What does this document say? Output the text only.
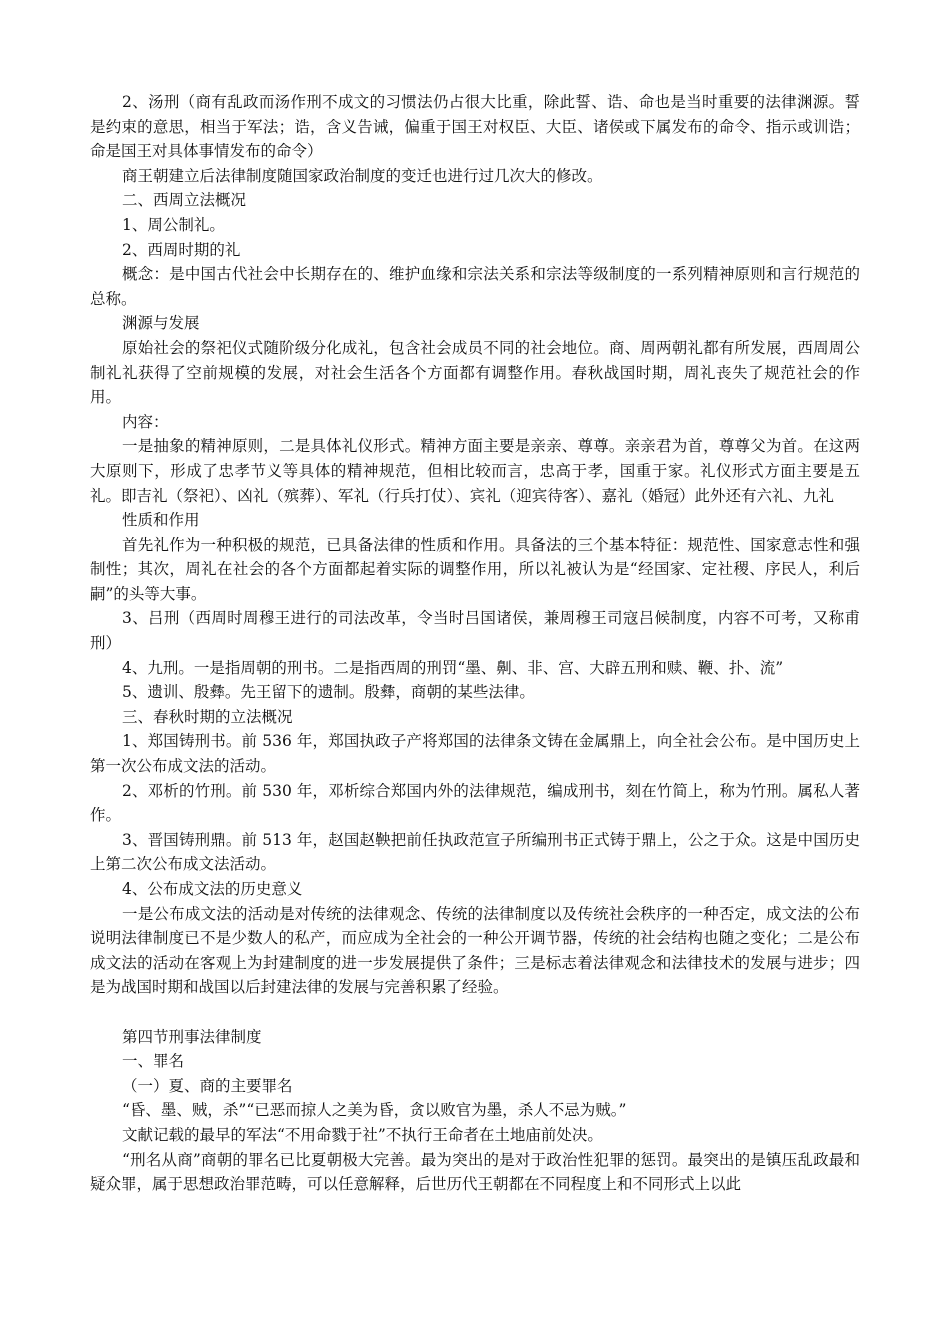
2、汤刑（商有乱政而汤作刑不成文的习惯法仍占很大比重，除此誓、诰、命也是当时重要的法律渊源。誓是约束的意思，相当于军法；诰，含义告诫，偏重于国王对权臣、大臣、诸侯或下属发布的命令、指示或训诰；命是国王对具体事情发布的命令）

商王朝建立后法律制度随国家政治制度的变迁也进行过几次大的修改。

二、西周立法概况

1、周公制礼。

2、西周时期的礼

概念：是中国古代社会中长期存在的、维护血缘和宗法关系和宗法等级制度的一系列精神原则和言行规范的总称。

渊源与发展

原始社会的祭祀仪式随阶级分化成礼，包含社会成员不同的社会地位。商、周两朝礼都有所发展，西周周公制礼礼获得了空前规模的发展，对社会生活各个方面都有调整作用。春秋战国时期，周礼丧失了规范社会的作用。

内容：

一是抽象的精神原则，二是具体礼仪形式。精神方面主要是亲亲、尊尊。亲亲君为首，尊尊父为首。在这两大原则下，形成了忠孝节义等具体的精神规范，但相比较而言，忠高于孝，国重于家。礼仪形式方面主要是五礼。即吉礼（祭祀）、凶礼（殡葬）、军礼（行兵打仗）、宾礼（迎宾待客）、嘉礼（婚冠）此外还有六礼、九礼

性质和作用

首先礼作为一种积极的规范，已具备法律的性质和作用。具备法的三个基本特征：规范性、国家意志性和强制性；其次，周礼在社会的各个方面都起着实际的调整作用，所以礼被认为是“经国家、定社稷、序民人，利后嗣”的头等大事。

3、吕刑（西周时周穆王进行的司法改革，令当时吕国诸侯，兼周穆王司寇吕候制度，内容不可考，又称甫刑）

4、九刑。一是指周朝的刑书。二是指西周的刑罚“墨、劓、非、宫、大辟五刑和赎、鞭、扑、流”

5、遗训、殷彝。先王留下的遗制。殷彝，商朝的某些法律。

三、春秋时期的立法概况

1、郑国铸刑书。前 536 年，郑国执政子产将郑国的法律条文铸在金属鼎上，向全社会公布。是中国历史上第一次公布成文法的活动。

2、邓析的竹刑。前 530 年，邓析综合郑国内外的法律规范，编成刑书，刻在竹简上，称为竹刑。属私人著作。

3、晋国铸刑鼎。前 513 年，赵国赵鞅把前任执政范宣子所编刑书正式铸于鼎上，公之于众。这是中国历史上第二次公布成文法活动。

4、公布成文法的历史意义

一是公布成文法的活动是对传统的法律观念、传统的法律制度以及传统社会秩序的一种否定，成文法的公布说明法律制度已不是少数人的私产，而应成为全社会的一种公开调节器，传统的社会结构也随之变化；二是公布成文法的活动在客观上为封建制度的进一步发展提供了条件；三是标志着法律观念和法律技术的发展与进步；四是为战国时期和战国以后封建法律的发展与完善积累了经验。

第四节刑事法律制度

一、罪名

（一）夏、商的主要罪名

“昏、墨、贼，杀”“已恶而掠人之美为昏，贪以败官为墨，杀人不忌为贼。”

文献记载的最早的军法“不用命戮于社”不执行王命者在土地庙前处决。

“刑名从商”商朝的罪名已比夏朝极大完善。最为突出的是对于政治性犯罪的惩罚。最突出的是镇压乱政最和疑众罪，属于思想政治罪范畴，可以任意解释，后世历代王朝都在不同程度上和不同形式上以此
